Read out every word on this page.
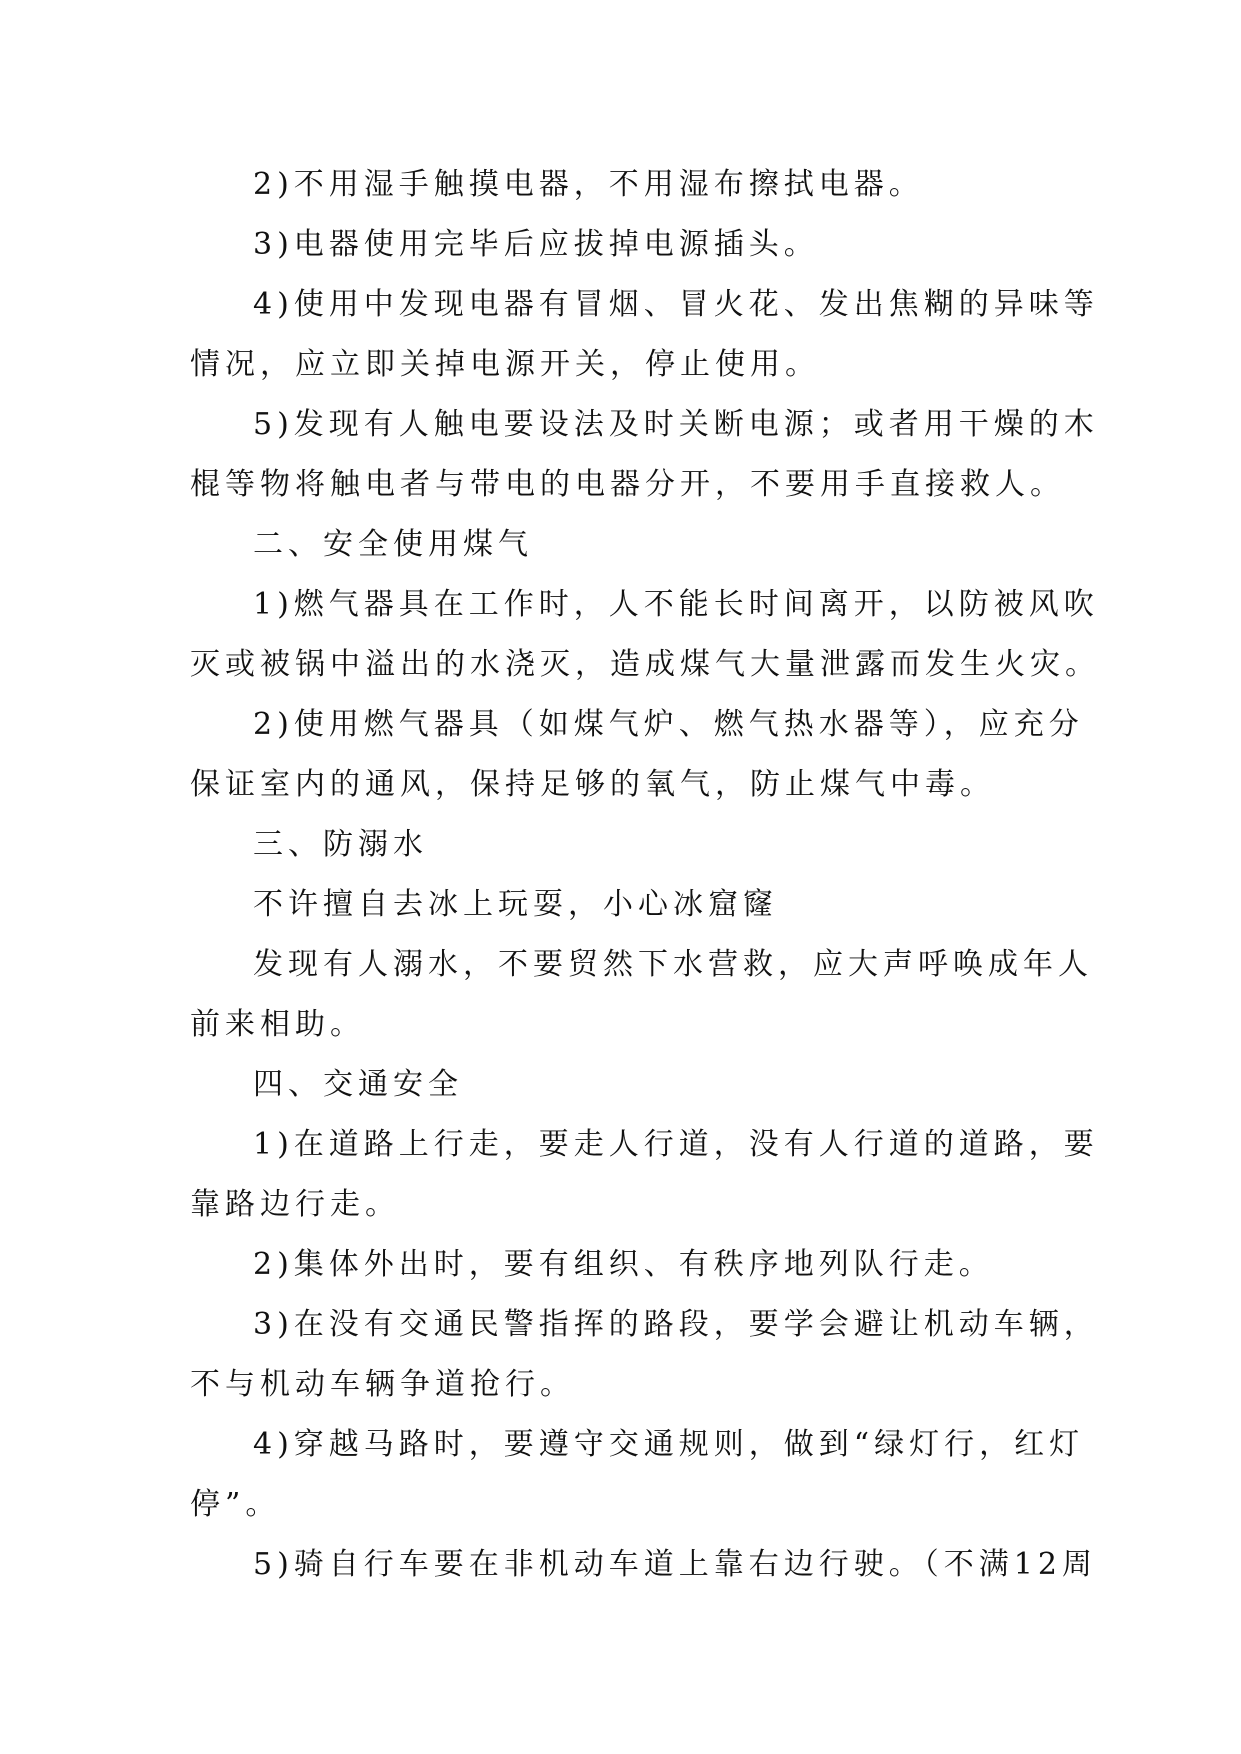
2)不用湿手触摸电器，不用湿布擦拭电器。
3)电器使用完毕后应拔掉电源插头。
4)使用中发现电器有冒烟、冒火花、发出焦糊的异味等
情况，应立即关掉电源开关，停止使用。
5)发现有人触电要设法及时关断电源；或者用干燥的木
棍等物将触电者与带电的电器分开，不要用手直接救人。
二、安全使用煤气
1)燃气器具在工作时，人不能长时间离开，以防被风吹
灭或被锅中溢出的水浇灭，造成煤气大量泄露而发生火灾。
2)使用燃气器具（如煤气炉、燃气热水器等），应充分
保证室内的通风，保持足够的氧气，防止煤气中毒。
三、防溺水
不许擅自去冰上玩耍，小心冰窟窿
发现有人溺水，不要贸然下水营救，应大声呼唤成年人
前来相助。
四、交通安全
1)在道路上行走，要走人行道，没有人行道的道路，要
靠路边行走。
2)集体外出时，要有组织、有秩序地列队行走。
3)在没有交通民警指挥的路段，要学会避让机动车辆，
不与机动车辆争道抢行。
4)穿越马路时，要遵守交通规则，做到“绿灯行，红灯
停”。
5)骑自行车要在非机动车道上靠右边行驶。（不满12周
